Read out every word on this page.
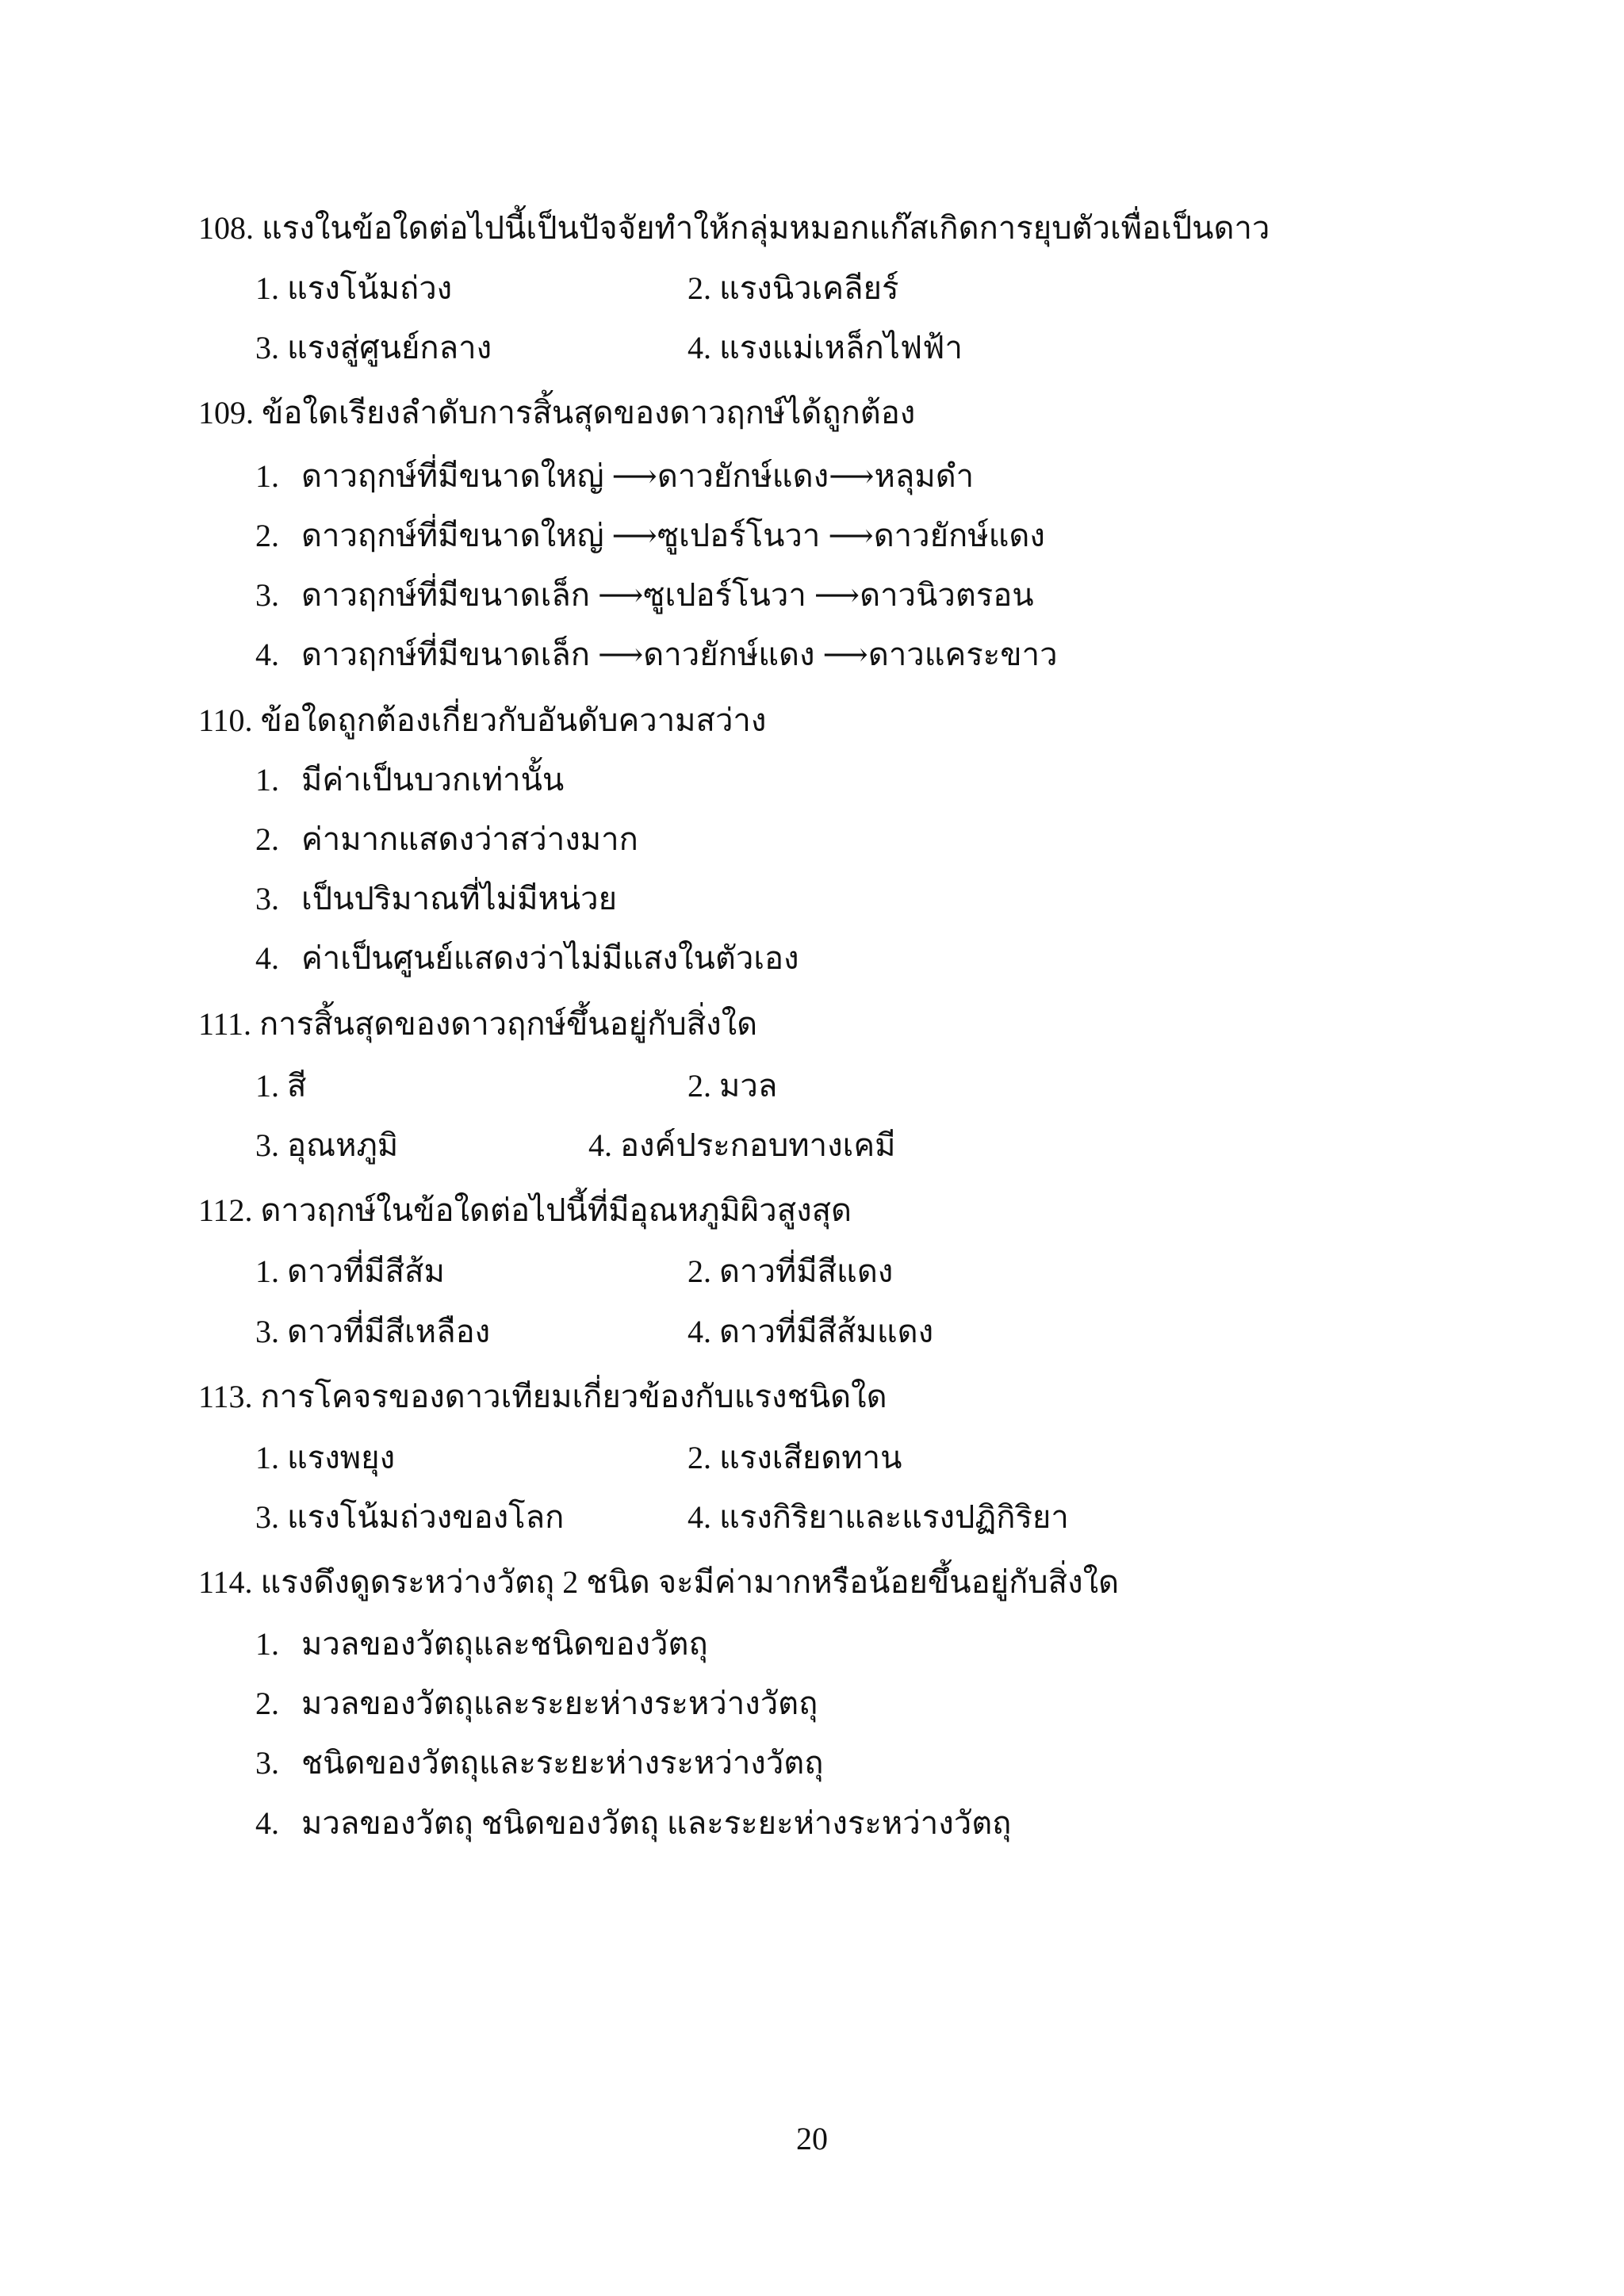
108. แรงในข้อใดต่อไปนี้เป็นปัจจัยทำให้กลุ่มหมอกแก๊สเกิดการยุบตัวเพื่อเป็นดาว
1. แรงโน้มถ่วง	2. แรงนิวเคลียร์
3. แรงสู่ศูนย์กลาง	4. แรงแม่เหล็กไฟฟ้า
109. ข้อใดเรียงลำดับการสิ้นสุดของดาวฤกษ์ได้ถูกต้อง
1. ดาวฤกษ์ที่มีขนาดใหญ่ ⟶ดาวยักษ์แดง⟶หลุมดำ
2. ดาวฤกษ์ที่มีขนาดใหญ่ ⟶ซูเปอร์โนวา ⟶ดาวยักษ์แดง
3. ดาวฤกษ์ที่มีขนาดเล็ก ⟶ซูเปอร์โนวา ⟶ดาวนิวตรอน
4. ดาวฤกษ์ที่มีขนาดเล็ก ⟶ดาวยักษ์แดง ⟶ดาวแคระขาว
110. ข้อใดถูกต้องเกี่ยวกับอันดับความสว่าง
1. มีค่าเป็นบวกเท่านั้น
2. ค่ามากแสดงว่าสว่างมาก
3. เป็นปริมาณที่ไม่มีหน่วย
4. ค่าเป็นศูนย์แสดงว่าไม่มีแสงในตัวเอง
111. การสิ้นสุดของดาวฤกษ์ขึ้นอยู่กับสิ่งใด
1. สี	2. มวล
3. อุณหภูมิ	4. องค์ประกอบทางเคมี
112. ดาวฤกษ์ในข้อใดต่อไปนี้ที่มีอุณหภูมิผิวสูงสุด
1. ดาวที่มีสีส้ม	2. ดาวที่มีสีแดง
3. ดาวที่มีสีเหลือง	4. ดาวที่มีสีส้มแดง
113. การโคจรของดาวเทียมเกี่ยวข้องกับแรงชนิดใด
1. แรงพยุง	2. แรงเสียดทาน
3. แรงโน้มถ่วงของโลก	4. แรงกิริยาและแรงปฏิกิริยา
114. แรงดึงดูดระหว่างวัตถุ 2 ชนิด จะมีค่ามากหรือน้อยขึ้นอยู่กับสิ่งใด
1. มวลของวัตถุและชนิดของวัตถุ
2. มวลของวัตถุและระยะห่างระหว่างวัตถุ
3. ชนิดของวัตถุและระยะห่างระหว่างวัตถุ
4. มวลของวัตถุ ชนิดของวัตถุ และระยะห่างระหว่างวัตถุ
20
